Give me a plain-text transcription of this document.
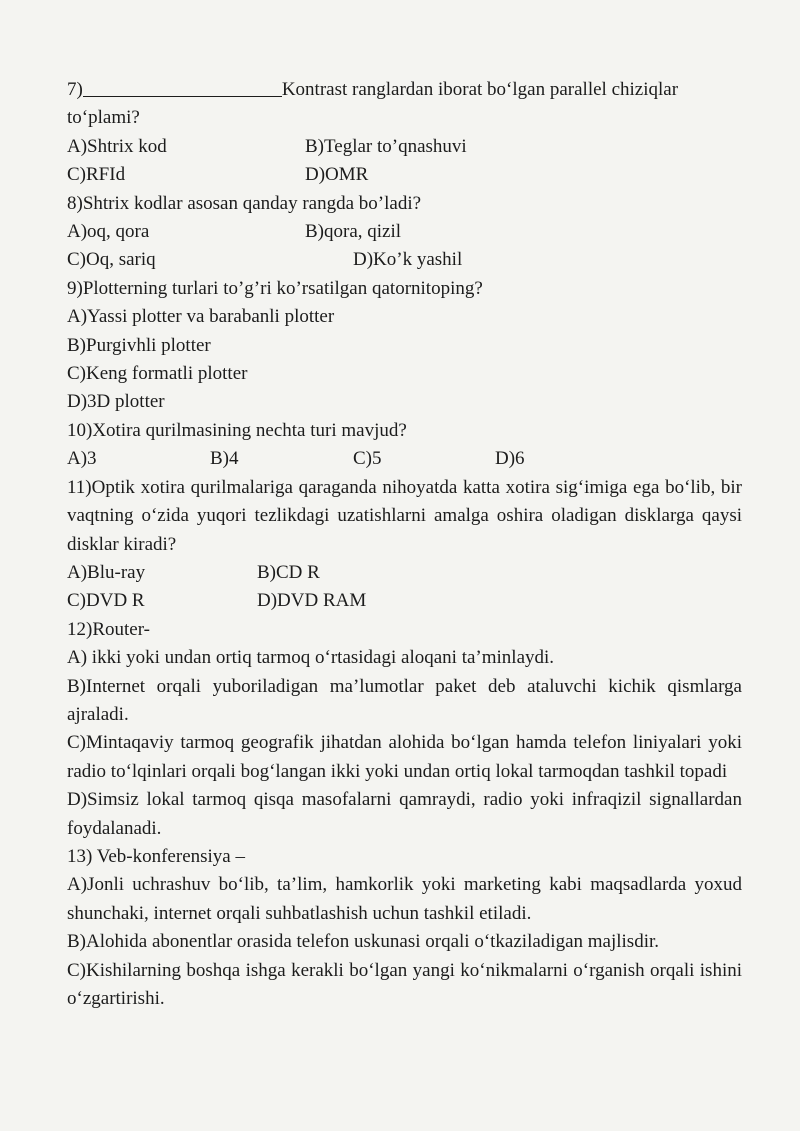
7)	Kontrast ranglardan iborat bo‘lgan parallel chiziqlar
to‘plami?
A)Shtrix kod	B)Teglar to’qnashuvi
C)RFId	D)OMR
8)Shtrix kodlar asosan qanday rangda bo’ladi?
A)oq, qora	B)qora, qizil
C)Oq, sariq	D)Ko’k yashil
9)Plotterning turlari to’g’ri ko’rsatilgan qatornitoping?
A)Yassi plotter va barabanli plotter
B)Purgivhli plotter
C)Keng formatli plotter
D)3D plotter
10)Xotira qurilmasining nechta turi mavjud?
A)3	B)4	C)5	D)6
11)Optik xotira qurilmalariga qaraganda nihoyatda katta xotira sig‘imiga ega bo‘lib, bir vaqtning o‘zida yuqori tezlikdagi uzatishlarni amalga oshira oladigan disklarga qaysi disklar kiradi?
A)Blu-ray	B)CD R
C)DVD R	D)DVD RAM
12)Router-
A) ikki yoki undan ortiq tarmoq o‘rtasidagi aloqani ta’minlaydi.
B)Internet orqali yuboriladigan ma’lumotlar paket deb ataluvchi kichik qismlarga ajraladi.
C)Mintaqaviy tarmoq geografik jihatdan alohida bo‘lgan hamda telefon liniyalari yoki radio to‘lqinlari orqali bog‘langan ikki yoki undan ortiq lokal tarmoqdan tashkil topadi
D)Simsiz lokal tarmoq qisqa masofalarni qamraydi, radio yoki infraqizil signallardan foydalanadi.
13) Veb-konferensiya –
A)Jonli uchrashuv bo‘lib, ta’lim, hamkorlik yoki marketing kabi maqsadlarda yoxud shunchaki, internet orqali suhbatlashish uchun tashkil etiladi.
B)Alohida abonentlar orasida telefon uskunasi orqali o‘tkaziladigan majlisdir.
C)Kishilarning boshqa ishga kerakli bo‘lgan yangi ko‘nikmalarni o‘rganish orqali ishini o‘zgartirishi.
